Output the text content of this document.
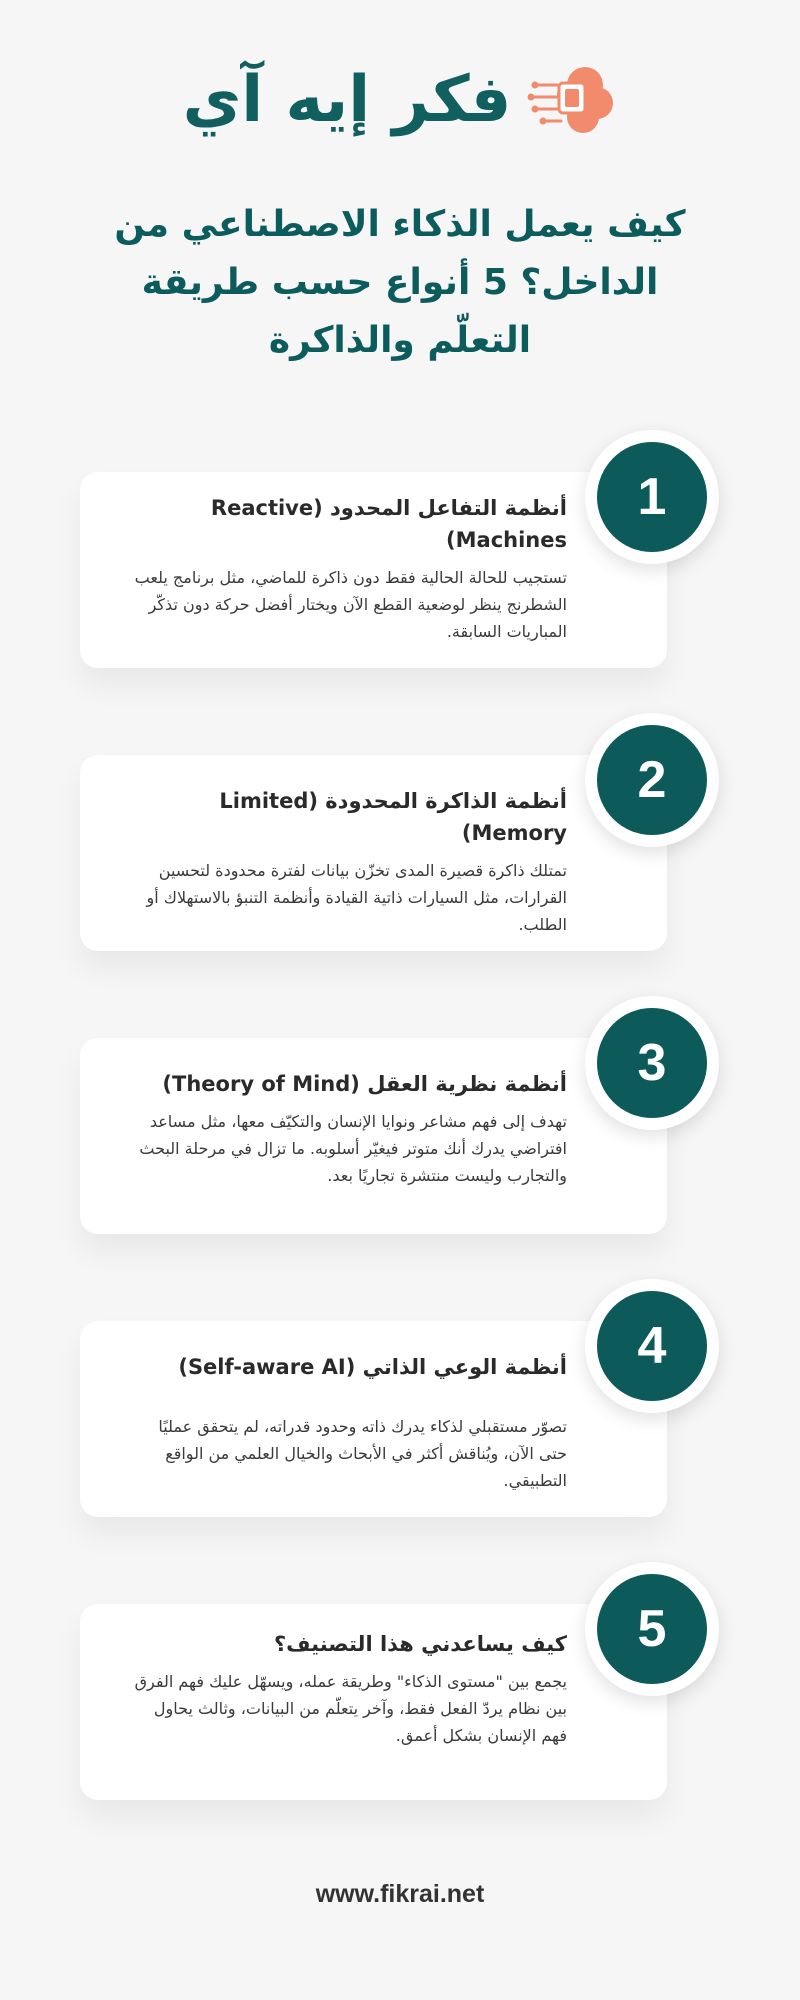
فكر إيه آي
كيف يعمل الذكاء الاصطناعي من الداخل؟ 5 أنواع حسب طريقة التعلّم والذاكرة

أنظمة التفاعل المحدود (Reactive Machines)

تستجيب للحالة الحالية فقط دون ذاكرة للماضي، مثل برنامج يلعب الشطرنج ينظر لوضعية القطع الآن ويختار أفضل حركة دون تذكّر المباريات السابقة.

1

أنظمة الذاكرة المحدودة (Limited Memory)

تمتلك ذاكرة قصيرة المدى تخزّن بيانات لفترة محدودة لتحسين القرارات، مثل السيارات ذاتية القيادة وأنظمة التنبؤ بالاستهلاك أو الطلب.

2

أنظمة نظرية العقل (Theory of Mind)

تهدف إلى فهم مشاعر ونوايا الإنسان والتكيّف معها، مثل مساعد افتراضي يدرك أنك متوتر فيغيّر أسلوبه. ما تزال في مرحلة البحث والتجارب وليست منتشرة تجاريًا بعد.

3

أنظمة الوعي الذاتي (Self-aware AI)

تصوّر مستقبلي لذكاء يدرك ذاته وحدود قدراته، لم يتحقق عمليًا حتى الآن، ويُناقش أكثر في الأبحاث والخيال العلمي من الواقع التطبيقي.

4

كيف يساعدني هذا التصنيف؟

يجمع بين "مستوى الذكاء" وطريقة عمله، ويسهّل عليك فهم الفرق بين نظام يردّ الفعل فقط، وآخر يتعلّم من البيانات، وثالث يحاول فهم الإنسان بشكل أعمق.

5
www.fikrai.net
